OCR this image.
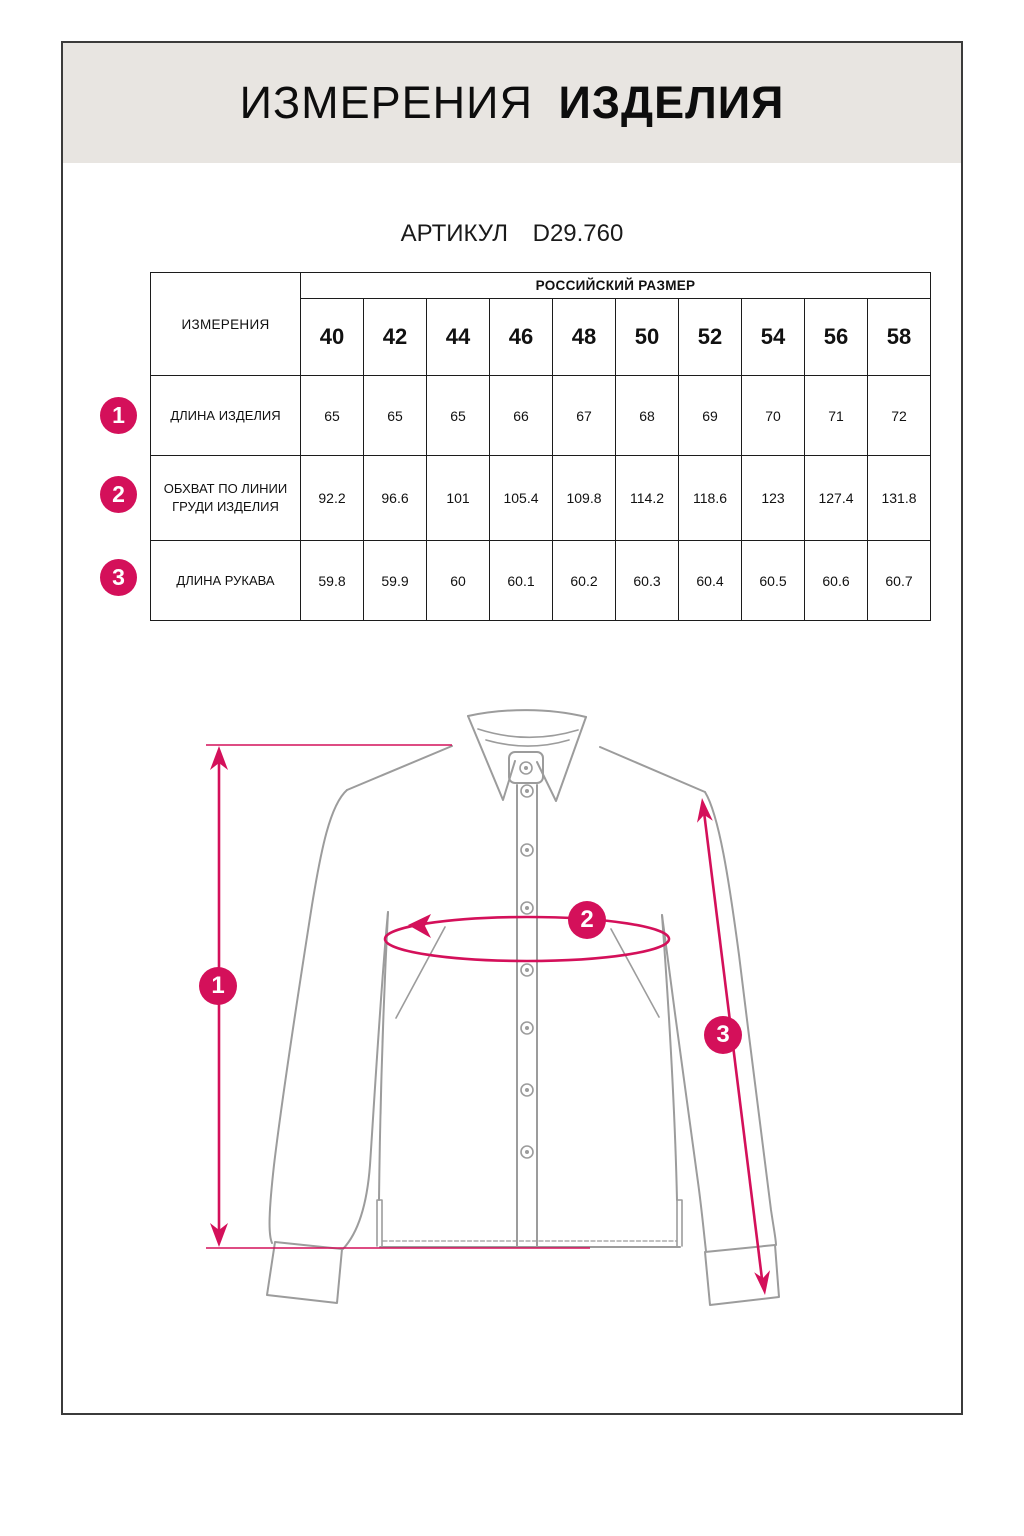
ИЗМЕРЕНИЯ ИЗДЕЛИЯ
АРТИКУЛ D29.760
ИЗМЕРЕНИЯ	РОССИЙСКИЙ РАЗМЕР									
	40	42	44	46	48	50	52	54	56	58
ДЛИНА ИЗДЕЛИЯ	65	65	65	66	67	68	69	70	71	72
ОБХВАТ ПО ЛИНИИ ГРУДИ ИЗДЕЛИЯ	92.2	96.6	101	105.4	109.8	114.2	118.6	123	127.4	131.8
ДЛИНА РУКАВА	59.8	59.9	60	60.1	60.2	60.3	60.4	60.5	60.6	60.7
1
2
3
1
2
3
